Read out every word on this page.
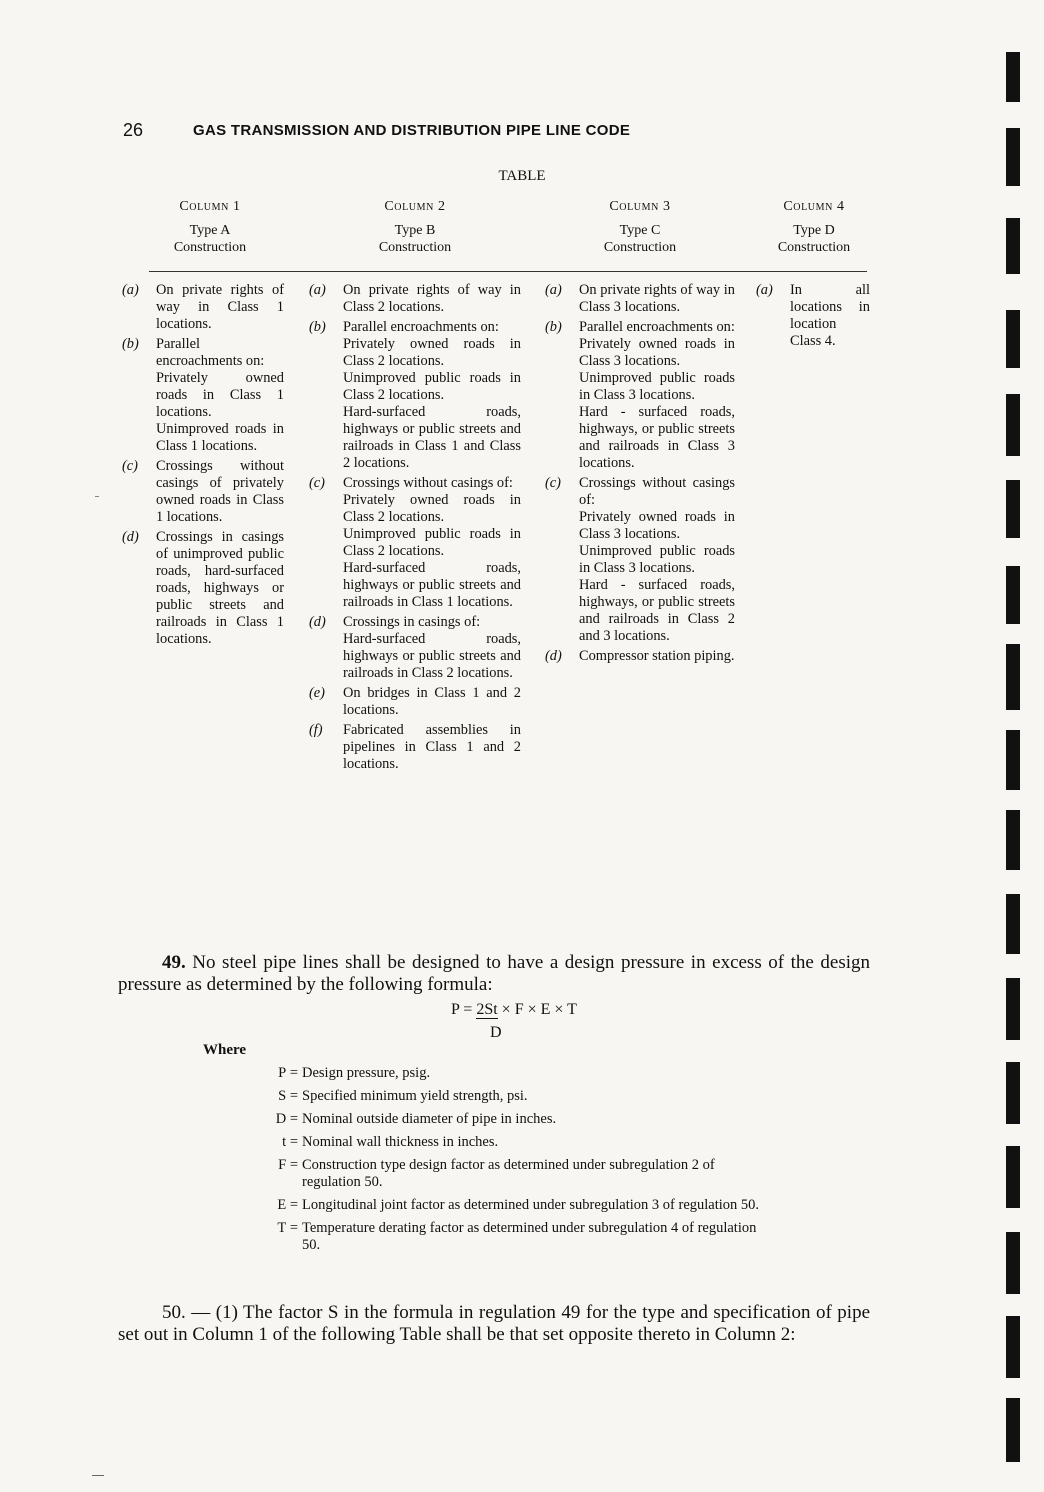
26	GAS TRANSMISSION AND DISTRIBUTION PIPE LINE CODE
TABLE
Column 1
Type A
Construction
Column 2
Type B
Construction
Column 3
Type C
Construction
Column 4
Type D
Construction
(a) On private rights of way in Class 1 locations.
(b) Parallel encroachments on:
Privately owned roads in Class 1 locations.
Unimproved roads in Class 1 locations.
(c) Crossings without casings of privately owned roads in Class 1 locations.
(d) Crossings in casings of unimproved public roads, hard-surfaced roads, highways or public streets and railroads in Class 1 locations.
(a) On private rights of way in Class 2 locations.
(b) Parallel encroachments on:
Privately owned roads in Class 2 locations.
Unimproved public roads in Class 2 locations.
Hard-surfaced roads, highways or public streets and railroads in Class 1 and Class 2 locations.
(c) Crossings without casings of:
Privately owned roads in Class 2 locations.
Unimproved public roads in Class 2 locations.
Hard-surfaced roads, highways or public streets and railroads in Class 1 locations.
(d) Crossings in casings of:
Hard-surfaced roads, highways or public streets and railroads in Class 2 locations.
(e) On bridges in Class 1 and 2 locations.
(f) Fabricated assemblies in pipelines in Class 1 and 2 locations.
(a) On private rights of way in Class 3 locations.
(b) Parallel encroachments on:
Privately owned roads in Class 3 locations.
Unimproved public roads in Class 3 locations.
Hard - surfaced roads, highways, or public streets and railroads in Class 3 locations.
(c) Crossings without casings of:
Privately owned roads in Class 3 locations.
Unimproved public roads in Class 3 locations.
Hard - surfaced roads, highways, or public streets and railroads in Class 2 and 3 locations.
(d) Compressor station piping.
(a) In all locations in location Class 4.
49. No steel pipe lines shall be designed to have a design pressure in excess of the design pressure as determined by the following formula:
P = 2St × F × E × T
D
Where
P = Design pressure, psig.
S = Specified minimum yield strength, psi.
D = Nominal outside diameter of pipe in inches.
t = Nominal wall thickness in inches.
F = Construction type design factor as determined under subregulation 2 of regulation 50.
E = Longitudinal joint factor as determined under subregulation 3 of regulation 50.
T = Temperature derating factor as determined under subregulation 4 of regulation 50.
50. — (1) The factor S in the formula in regulation 49 for the type and specification of pipe set out in Column 1 of the following Table shall be that set opposite thereto in Column 2:
